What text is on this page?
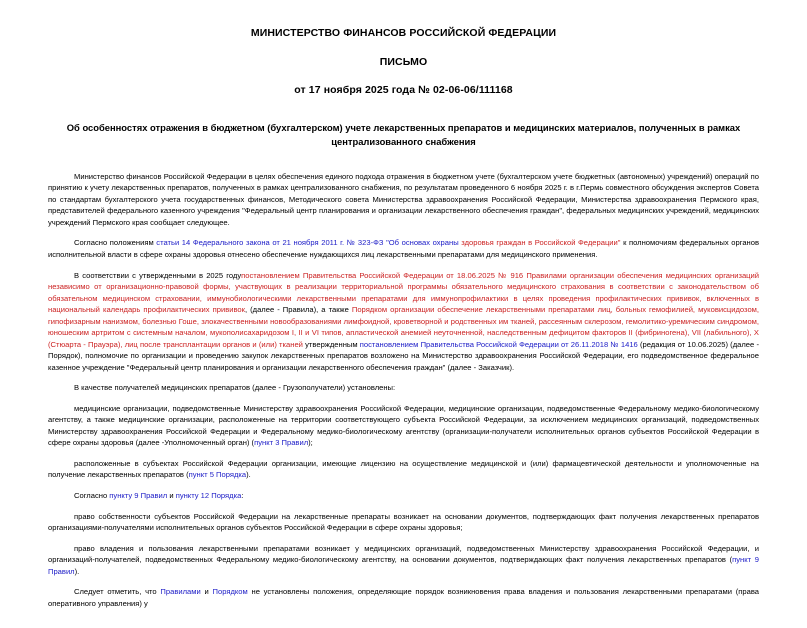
МИНИСТЕРСТВО ФИНАНСОВ РОССИЙСКОЙ ФЕДЕРАЦИИ
ПИСЬМО
от 17 ноября 2025 года № 02-06-06/111168
Об особенностях отражения в бюджетном (бухгалтерском) учете лекарственных препаратов и медицинских материалов, полученных в рамках централизованного снабжения

Министерство финансов Российской Федерации в целях обеспечения единого подхода отражения в бюджетном учете (бухгалтерском учете бюджетных (автономных) учреждений) операций по принятию к учету лекарственных препаратов, полученных в рамках централизованного снабжения, по результатам проведенного 6 ноября 2025 г. в г.Пермь совместного обсуждения экспертов Совета по стандартам бухгалтерского учета государственных финансов, Методического совета Министерства здравоохранения Российской Федерации, Министерства здравоохранения Пермского края, представителей федерального казенного учреждения "Федеральный центр планирования и организации лекарственного обеспечения граждан", федеральных медицинских учреждений, медицинских учреждений Пермского края сообщает следующее.

Согласно положениям статьи 14 Федерального закона от 21 ноября 2011 г. № 323-ФЗ "Об основах охраны здоровья граждан в Российской Федерации" к полномочиям федеральных органов исполнительной власти в сфере охраны здоровья отнесено обеспечение нуждающихся лиц лекарственными препаратами для медицинского применения.

В соответствии с утвержденными в 2025 годупостановлением Правительства Российской Федерации от 18.06.2025 № 916 Правилами организации обеспечения медицинских организаций независимо от организационно-правовой формы, участвующих в реализации территориальной программы обязательного медицинского страхования в соответствии с законодательством об обязательном медицинском страховании, иммунобиологическими лекарственными препаратами для иммунопрофилактики в целях проведения профилактических прививок, включенных в национальный календарь профилактических прививок, (далее - Правила), а также Порядком организации обеспечение лекарственными препаратами лиц, больных гемофилией, муковисцидозом, гипофизарным нанизмом, болезнью Гоше, злокачественными новообразованиями лимфоидной, кроветворной и родственных им тканей, рассеянным склерозом, гемолитико-уремическим синдромом, юношеским артритом с системным началом, мукополисахаридозом I, II и VI типов, апластической анемией неуточненной, наследственным дефицитом факторов II (фибриногена), VII (лабильного), X (Стюарта - Прауэра), лиц после трансплантации органов и (или) тканей утвержденным постановлением Правительства Российской Федерации от 26.11.2018 № 1416 (редакция от 10.06.2025) (далее - Порядок), полномочие по организации и проведению закупок лекарственных препаратов возложено на Министерство здравоохранения Российской Федерации, его подведомственное федеральное казенное учреждение "Федеральный центр планирования и организации лекарственного обеспечения граждан" (далее - Заказчик).

В качестве получателей медицинских препаратов (далее - Грузополучатели) установлены:

медицинские организации, подведомственные Министерству здравоохранения Российской Федерации, медицинские организации, подведомственные Федеральному медико-биологическому агентству, а также медицинские организации, расположенные на территории соответствующего субъекта Российской Федерации, за исключением медицинских организаций, подведомственных Министерству здравоохранения Российской Федерации и Федеральному медико-биологическому агентству (организации-получатели исполнительных органов субъектов Российской Федерации в сфере охраны здоровья (далее -Уполномоченный орган) (пункт 3 Правил);

расположенные в субъектах Российской Федерации организации, имеющие лицензию на осуществление медицинской и (или) фармацевтической деятельности и уполномоченные на получение лекарственных препаратов (пункт 5 Порядка).

Согласно пункту 9 Правил и пункту 12 Порядка:

право собственности субъектов Российской Федерации на лекарственные препараты возникает на основании документов, подтверждающих факт получения лекарственных препаратов организациями-получателями исполнительных органов субъектов Российской Федерации в сфере охраны здоровья;

право владения и пользования лекарственными препаратами возникает у медицинских организаций, подведомственных Министерству здравоохранения Российской Федерации, и организаций-получателей, подведомственных Федеральному медико-биологическому агентству, на основании документов, подтверждающих факт получения лекарственных препаратов (пункт 9 Правил).

Следует отметить, что Правилами и Порядком не установлены положения, определяющие порядок возникновения права владения и пользования лекарственными препаратами (права оперативного управления) у
